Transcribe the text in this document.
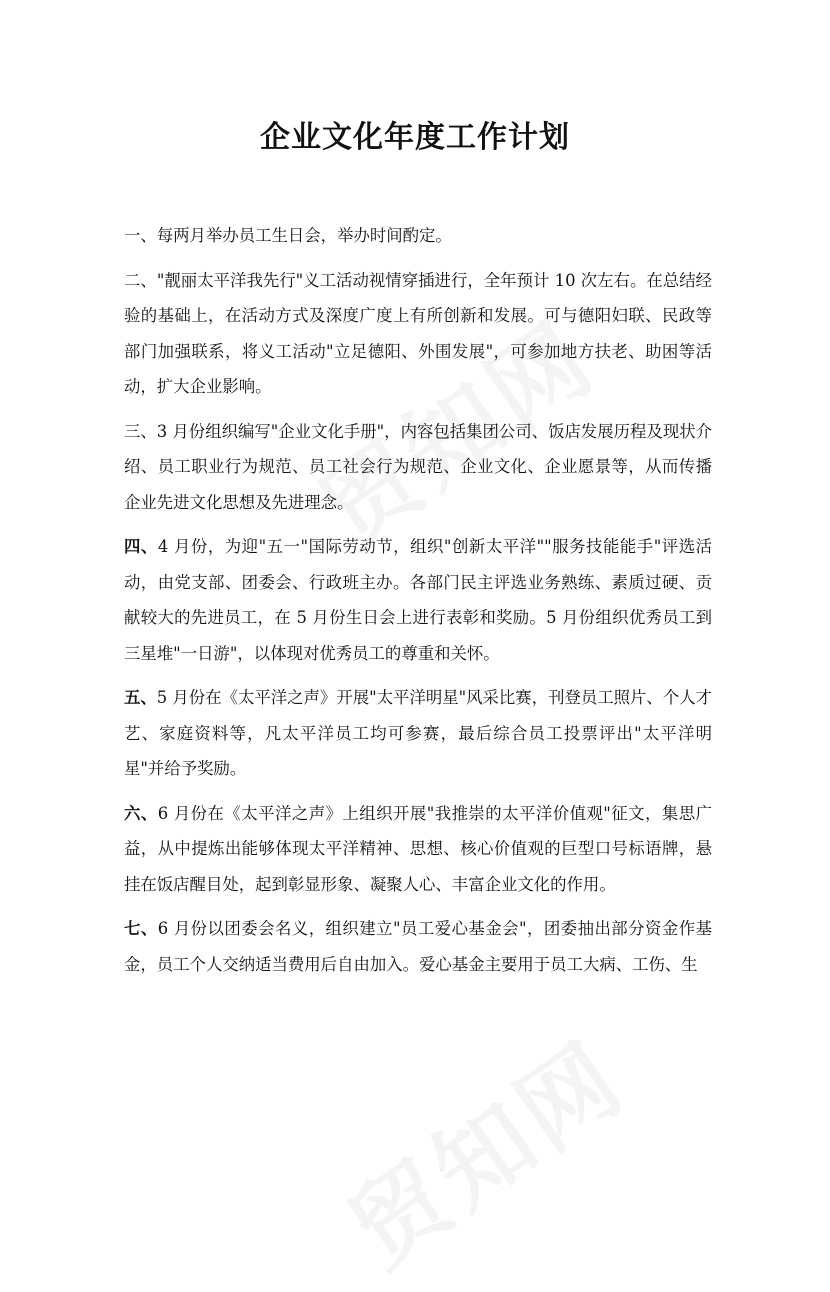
企业文化年度工作计划

一、每两月举办员工生日会，举办时间酌定。

二、"靓丽太平洋我先行"义工活动视情穿插进行，全年预计 10 次左右。在总结经验的基础上，在活动方式及深度广度上有所创新和发展。可与德阳妇联、民政等部门加强联系，将义工活动"立足德阳、外围发展"，可参加地方扶老、助困等活动，扩大企业影响。

三、3 月份组织编写"企业文化手册"，内容包括集团公司、饭店发展历程及现状介绍、员工职业行为规范、员工社会行为规范、企业文化、企业愿景等，从而传播企业先进文化思想及先进理念。

四、4 月份，为迎"五一"国际劳动节，组织"创新太平洋""服务技能能手"评选活动，由党支部、团委会、行政班主办。各部门民主评选业务熟练、素质过硬、贡献较大的先进员工，在 5 月份生日会上进行表彰和奖励。5 月份组织优秀员工到三星堆"一日游"，以体现对优秀员工的尊重和关怀。

五、5 月份在《太平洋之声》开展"太平洋明星"风采比赛，刊登员工照片、个人才艺、家庭资料等，凡太平洋员工均可参赛，最后综合员工投票评出"太平洋明星"并给予奖励。

六、6 月份在《太平洋之声》上组织开展"我推崇的太平洋价值观"征文，集思广益，从中提炼出能够体现太平洋精神、思想、核心价值观的巨型口号标语牌，悬挂在饭店醒目处，起到彰显形象、凝聚人心、丰富企业文化的作用。

七、6 月份以团委会名义，组织建立"员工爱心基金会"，团委抽出部分资金作基金，员工个人交纳适当费用后自由加入。爱心基金主要用于员工大病、工伤、生
